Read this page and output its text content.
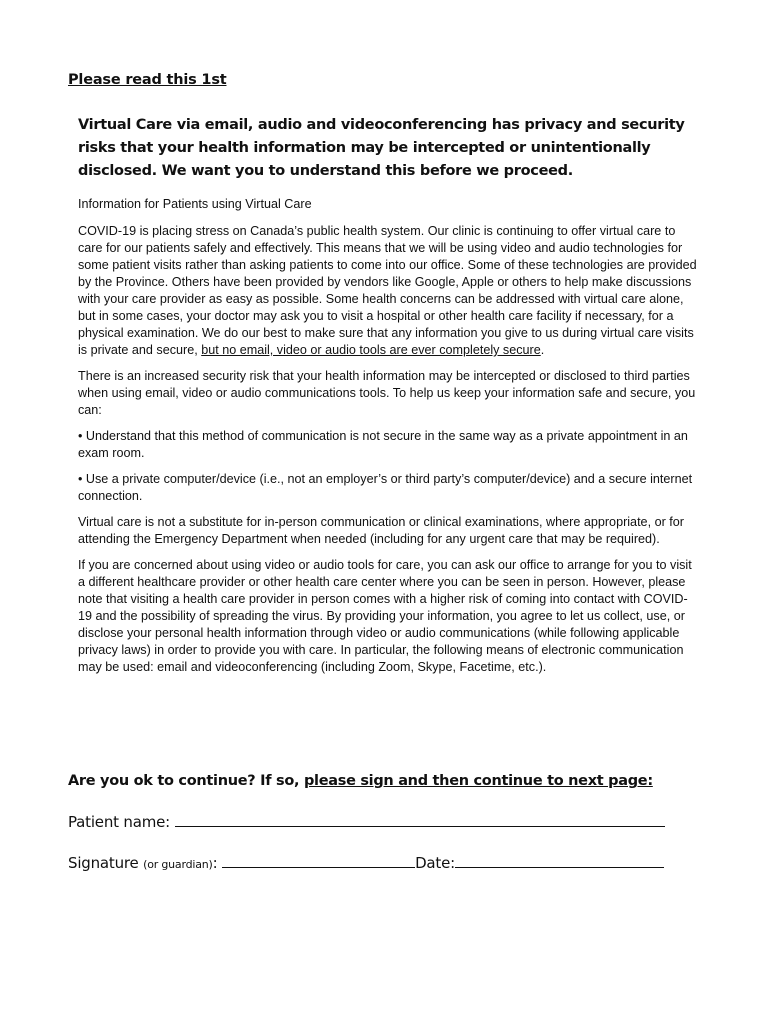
Please read this 1st
Virtual Care via email, audio and videoconferencing has privacy and security risks that your health information may be intercepted or unintentionally disclosed. We want you to understand this before we proceed.

Information for Patients using Virtual Care

COVID-19 is placing stress on Canada’s public health system. Our clinic is continuing to offer virtual care to care for our patients safely and effectively. This means that we will be using video and audio technologies for some patient visits rather than asking patients to come into our office. Some of these technologies are provided by the Province. Others have been provided by vendors like Google, Apple or others to help make discussions with your care provider as easy as possible. Some health concerns can be addressed with virtual care alone, but in some cases, your doctor may ask you to visit a hospital or other health care facility if necessary, for a physical examination. We do our best to make sure that any information you give to us during virtual care visits is private and secure, but no email, video or audio tools are ever completely secure.

There is an increased security risk that your health information may be intercepted or disclosed to third parties when using email, video or audio communications tools. To help us keep your information safe and secure, you can:

• Understand that this method of communication is not secure in the same way as a private appointment in an exam room.

• Use a private computer/device (i.e., not an employer’s or third party’s computer/device) and a secure internet connection.

Virtual care is not a substitute for in-person communication or clinical examinations, where appropriate, or for attending the Emergency Department when needed (including for any urgent care that may be required).

If you are concerned about using video or audio tools for care, you can ask our office to arrange for you to visit a different healthcare provider or other health care center where you can be seen in person. However, please note that visiting a health care provider in person comes with a higher risk of coming into contact with COVID-19 and the possibility of spreading the virus. By providing your information, you agree to let us collect, use, or disclose your personal health information through video or audio communications (while following applicable privacy laws) in order to provide you with care. In particular, the following means of electronic communication may be used: email and videoconferencing (including Zoom, Skype, Facetime, etc.).

Are you ok to continue? If so, please sign and then continue to next page:
Patient name:
Signature (or guardian):	Date:
